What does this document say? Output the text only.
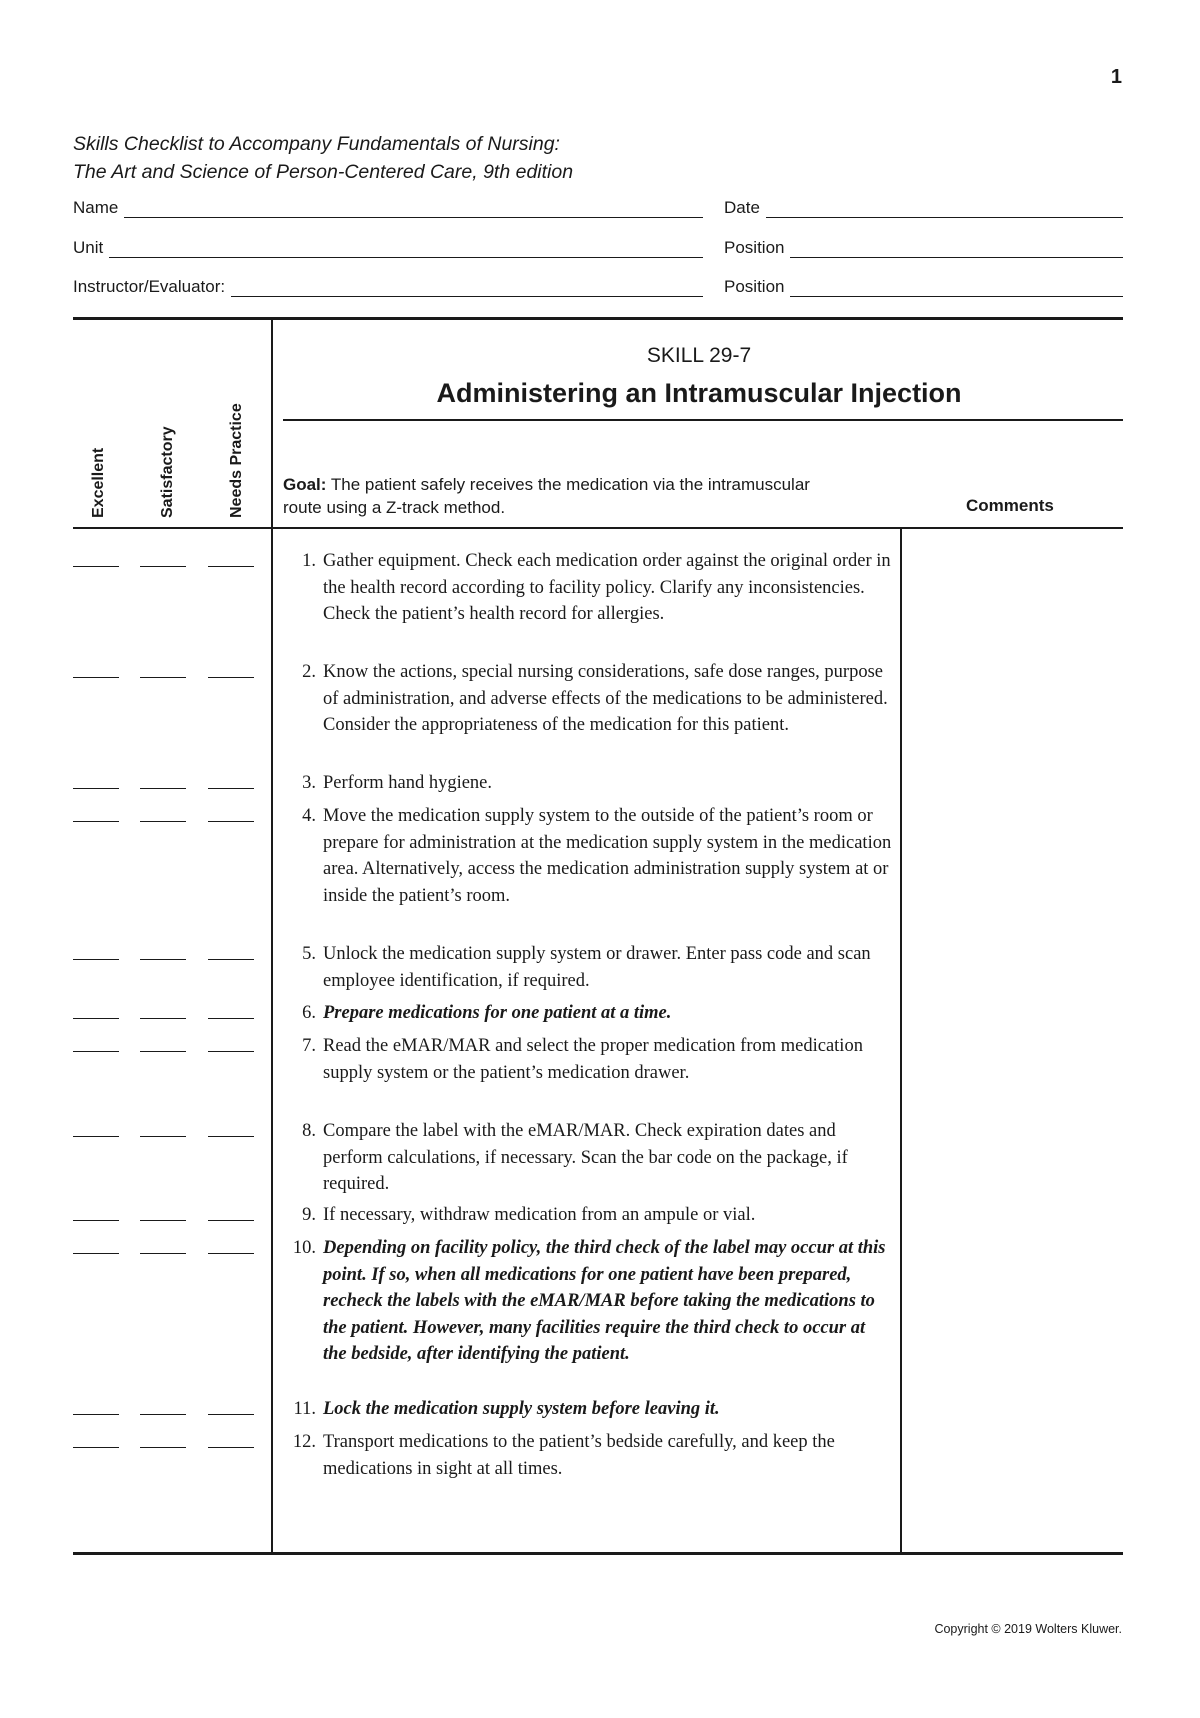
1
Skills Checklist to Accompany Fundamentals of Nursing:
The Art and Science of Person-Centered Care, 9th edition
Name	Date
Unit	Position
Instructor/Evaluator:	Position
Excellent	Satisfactory	Needs Practice
SKILL 29-7
Administering an Intramuscular Injection
Goal: The patient safely receives the medication via the intramuscular route using a Z-track method.	Comments
1. Gather equipment. Check each medication order against the original order in the health record according to facility policy. Clarify any inconsistencies. Check the patient’s health record for allergies.
2. Know the actions, special nursing considerations, safe dose ranges, purpose of administration, and adverse effects of the medications to be administered. Consider the appropriateness of the medication for this patient.
3. Perform hand hygiene.
4. Move the medication supply system to the outside of the patient’s room or prepare for administration at the medication supply system in the medication area. Alternatively, access the medication administration supply system at or inside the patient’s room.
5. Unlock the medication supply system or drawer. Enter pass code and scan employee identification, if required.
6. Prepare medications for one patient at a time.
7. Read the eMAR/MAR and select the proper medication from medication supply system or the patient’s medication drawer.
8. Compare the label with the eMAR/MAR. Check expiration dates and perform calculations, if necessary. Scan the bar code on the package, if required.
9. If necessary, withdraw medication from an ampule or vial.
10. Depending on facility policy, the third check of the label may occur at this point. If so, when all medications for one patient have been prepared, recheck the labels with the eMAR/MAR before taking the medications to the patient. However, many facilities require the third check to occur at the bedside, after identifying the patient.
11. Lock the medication supply system before leaving it.
12. Transport medications to the patient’s bedside carefully, and keep the medications in sight at all times.
Copyright © 2019 Wolters Kluwer.
